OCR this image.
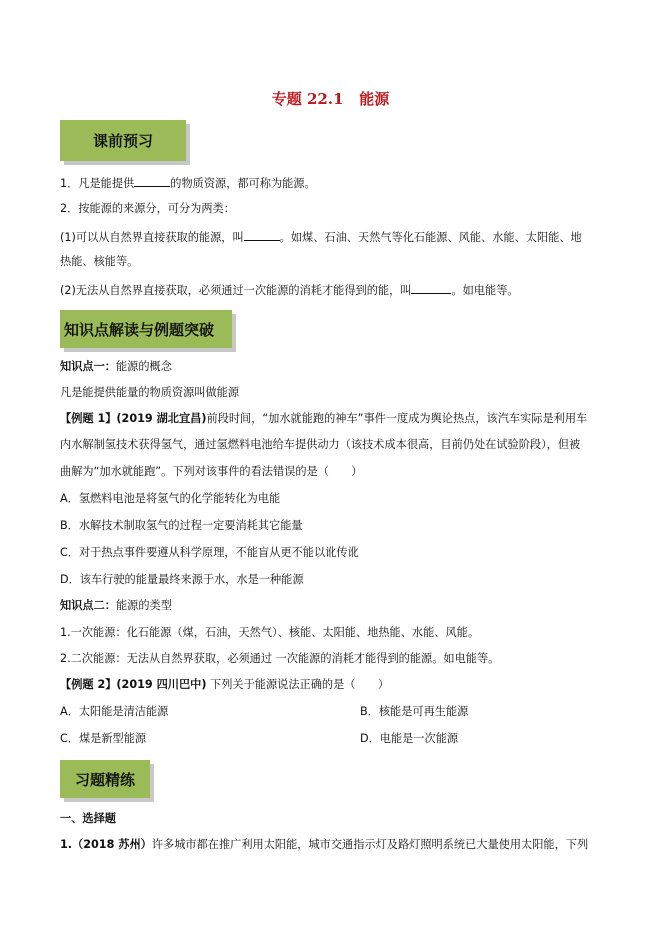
专题 22.1 能源
课前预习
1．凡是能提供	的物质资源，都可称为能源。
2．按能源的来源分，可分为两类：
(1)可以从自然界直接获取的能源，叫	。如煤、石油、天然气等化石能源、风能、水能、太阳能、地
热能、核能等。
(2)无法从自然界直接获取，必须通过一次能源的消耗才能得到的能，叫	。如电能等。
知识点解读与例题突破
知识点一：能源的概念
凡是能提供能量的物质资源叫做能源
【例题 1】(2019 湖北宜昌)前段时间，“加水就能跑的神车”事件一度成为舆论热点，该汽车实际是利用车
内水解制氢技术获得氢气，通过氢燃料电池给车提供动力（该技术成本很高，目前仍处在试验阶段），但被
曲解为“加水就能跑”。下列对该事件的看法错误的是（　　）
A．氢燃料电池是将氢气的化学能转化为电能
B．水解技术制取氢气的过程一定要消耗其它能量
C．对于热点事件要遵从科学原理，不能盲从更不能以讹传讹
D．该车行驶的能量最终来源于水，水是一种能源
知识点二：能源的类型
1.一次能源：化石能源（煤，石油，天然气）、核能、太阳能、地热能、水能、风能。
2.二次能源：无法从自然界获取，必须通过 一次能源的消耗才能得到的能源。如电能等。
【例题 2】(2019 四川巴中) 下列关于能源说法正确的是（　　）
A．太阳能是清洁能源	B．核能是可再生能源
C．煤是新型能源	D．电能是一次能源
习题精练
一、选择题
1.（2018 苏州）许多城市都在推广利用太阳能，城市交通指示灯及路灯照明系统已大量使用太阳能，下列
